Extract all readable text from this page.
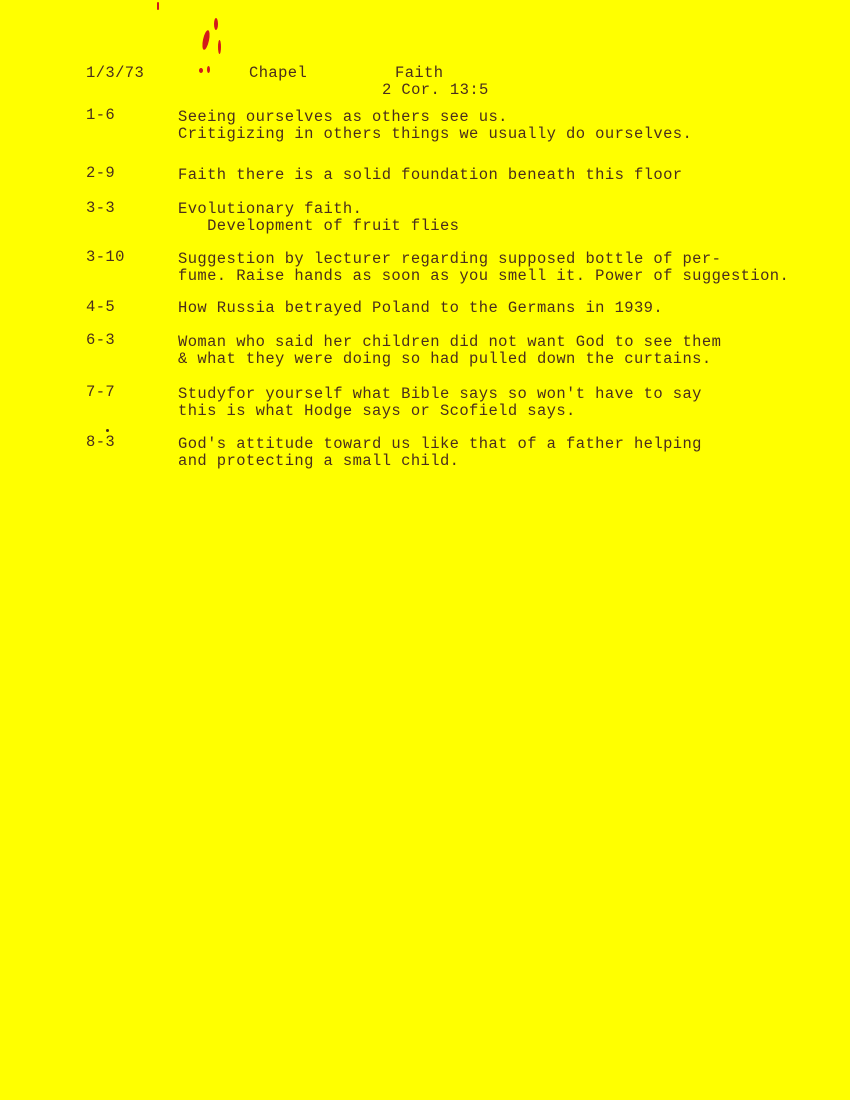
1/3/73	Chapel	Faith
2 Cor. 13:5
1-6	Seeing ourselves as others see us.
Critigizing in others things we usually do ourselves.
2-9	Faith there is a solid foundation beneath this floor
3-3	Evolutionary faith.
Development of fruit flies
3-10	Suggestion by lecturer regarding supposed bottle of per-
fume. Raise hands as soon as you smell it. Power of suggestion.
4-5	How Russia betrayed Poland to the Germans in 1939.
6-3	Woman who said her children did not want God to see them
& what they were doing so had pulled down the curtains.
7-7	Studyfor yourself what Bible says so won't have to say
this is what Hodge says or Scofield says.
8-3	God's attitude toward us like that of a father helping
and protecting a small child.
